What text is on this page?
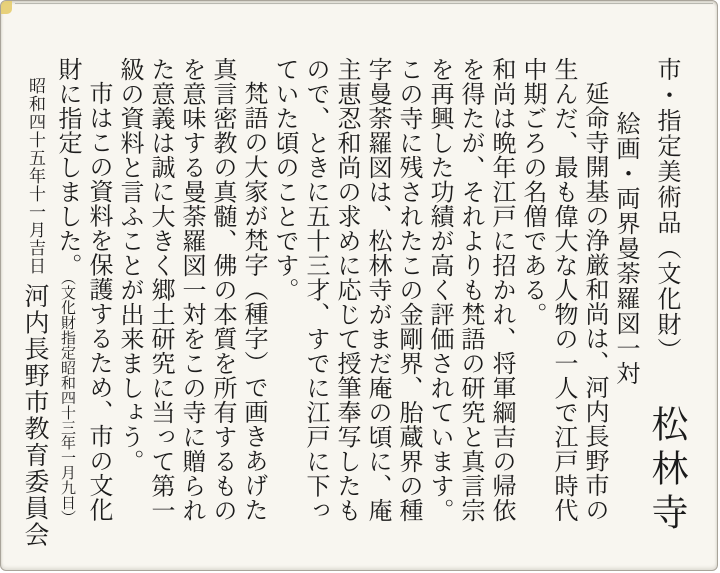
市・指定美術品（文化財）松林寺
絵画・両界曼荼羅図一対

延命寺開基の浄厳和尚は、河内長野市の生んだ、最も偉大な人物の一人で江戸時代中期ごろの名僧である。

和尚は晩年江戸に招かれ、将軍綱吉の帰依を得たが、それよりも梵語の研究と真言宗を再興した功績が高く評価されています。

この寺に残されたこの金剛界、胎蔵界の種字曼荼羅図は、松林寺がまだ庵の頃に、庵主恵忍和尚の求めに応じて授筆奉写したもので、ときに五十三才、すでに江戸に下っていた頃のことです。

梵語の大家が梵字（種字）で画きあげた真言密教の真髄、佛の本質を所有するものを意味する曼荼羅図一対をこの寺に贈られた意義は誠に大きく郷土研究に当って第一級の資料と言ふことが出来ましょう。

市はこの資料を保護するため、市の文化財に指定しました。（文化財指定昭和四十三年一月九日）

昭和四十五年十一月吉日河内長野市教育委員会
